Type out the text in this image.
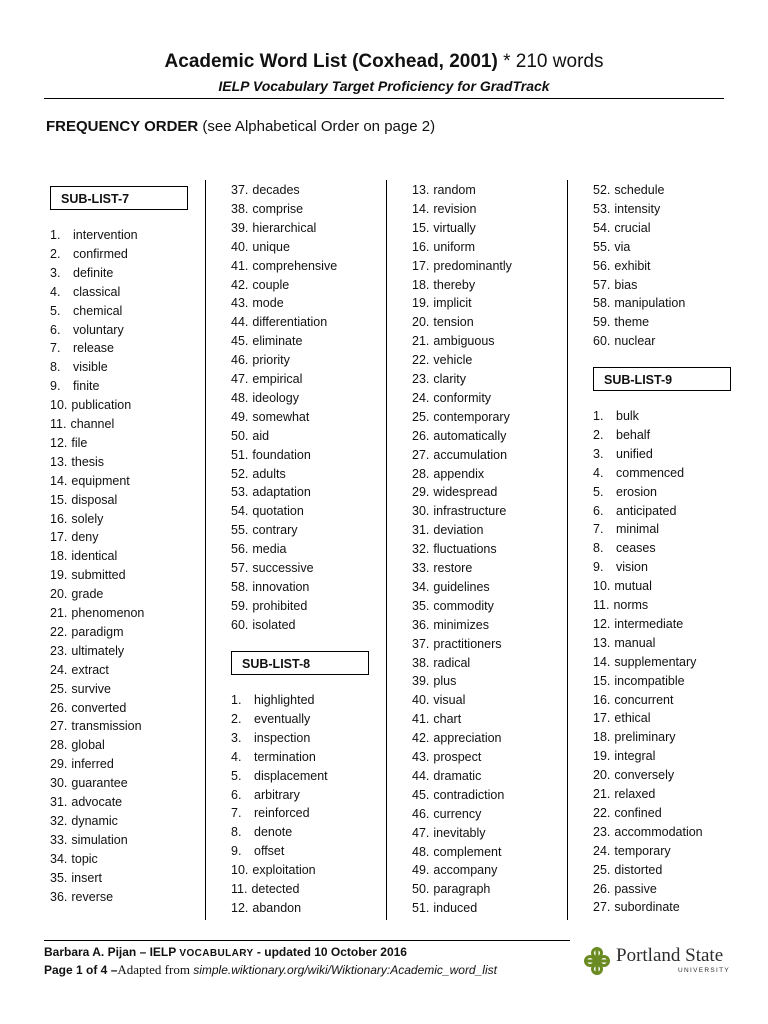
Academic Word List (Coxhead, 2001) * 210 words
IELP Vocabulary Target Proficiency for GradTrack
FREQUENCY ORDER (see Alphabetical Order on page 2)
SUB-LIST-7
SUB-LIST-8
SUB-LIST-9
1. intervention
2. confirmed
3. definite
4. classical
5. chemical
6. voluntary
7. release
8. visible
9. finite
10. publication
11. channel
12. file
13. thesis
14. equipment
15. disposal
16. solely
17. deny
18. identical
19. submitted
20. grade
21. phenomenon
22. paradigm
23. ultimately
24. extract
25. survive
26. converted
27. transmission
28. global
29. inferred
30. guarantee
31. advocate
32. dynamic
33. simulation
34. topic
35. insert
36. reverse
37. decades
38. comprise
39. hierarchical
40. unique
41. comprehensive
42. couple
43. mode
44. differentiation
45. eliminate
46. priority
47. empirical
48. ideology
49. somewhat
50. aid
51. foundation
52. adults
53. adaptation
54. quotation
55. contrary
56. media
57. successive
58. innovation
59. prohibited
60. isolated
1. highlighted
2. eventually
3. inspection
4. termination
5. displacement
6. arbitrary
7. reinforced
8. denote
9. offset
10. exploitation
11. detected
12. abandon
13. random
14. revision
15. virtually
16. uniform
17. predominantly
18. thereby
19. implicit
20. tension
21. ambiguous
22. vehicle
23. clarity
24. conformity
25. contemporary
26. automatically
27. accumulation
28. appendix
29. widespread
30. infrastructure
31. deviation
32. fluctuations
33. restore
34. guidelines
35. commodity
36. minimizes
37. practitioners
38. radical
39. plus
40. visual
41. chart
42. appreciation
43. prospect
44. dramatic
45. contradiction
46. currency
47. inevitably
48. complement
49. accompany
50. paragraph
51. induced
52. schedule
53. intensity
54. crucial
55. via
56. exhibit
57. bias
58. manipulation
59. theme
60. nuclear
1. bulk
2. behalf
3. unified
4. commenced
5. erosion
6. anticipated
7. minimal
8. ceases
9. vision
10. mutual
11. norms
12. intermediate
13. manual
14. supplementary
15. incompatible
16. concurrent
17. ethical
18. preliminary
19. integral
20. conversely
21. relaxed
22. confined
23. accommodation
24. temporary
25. distorted
26. passive
27. subordinate
Barbara A. Pijan – IELP VOCABULARY - updated 10 October 2016
Page 1 of 4 –Adapted from simple.wiktionary.org/wiki/Wiktionary:Academic_word_list
Portland State
UNIVERSITY
